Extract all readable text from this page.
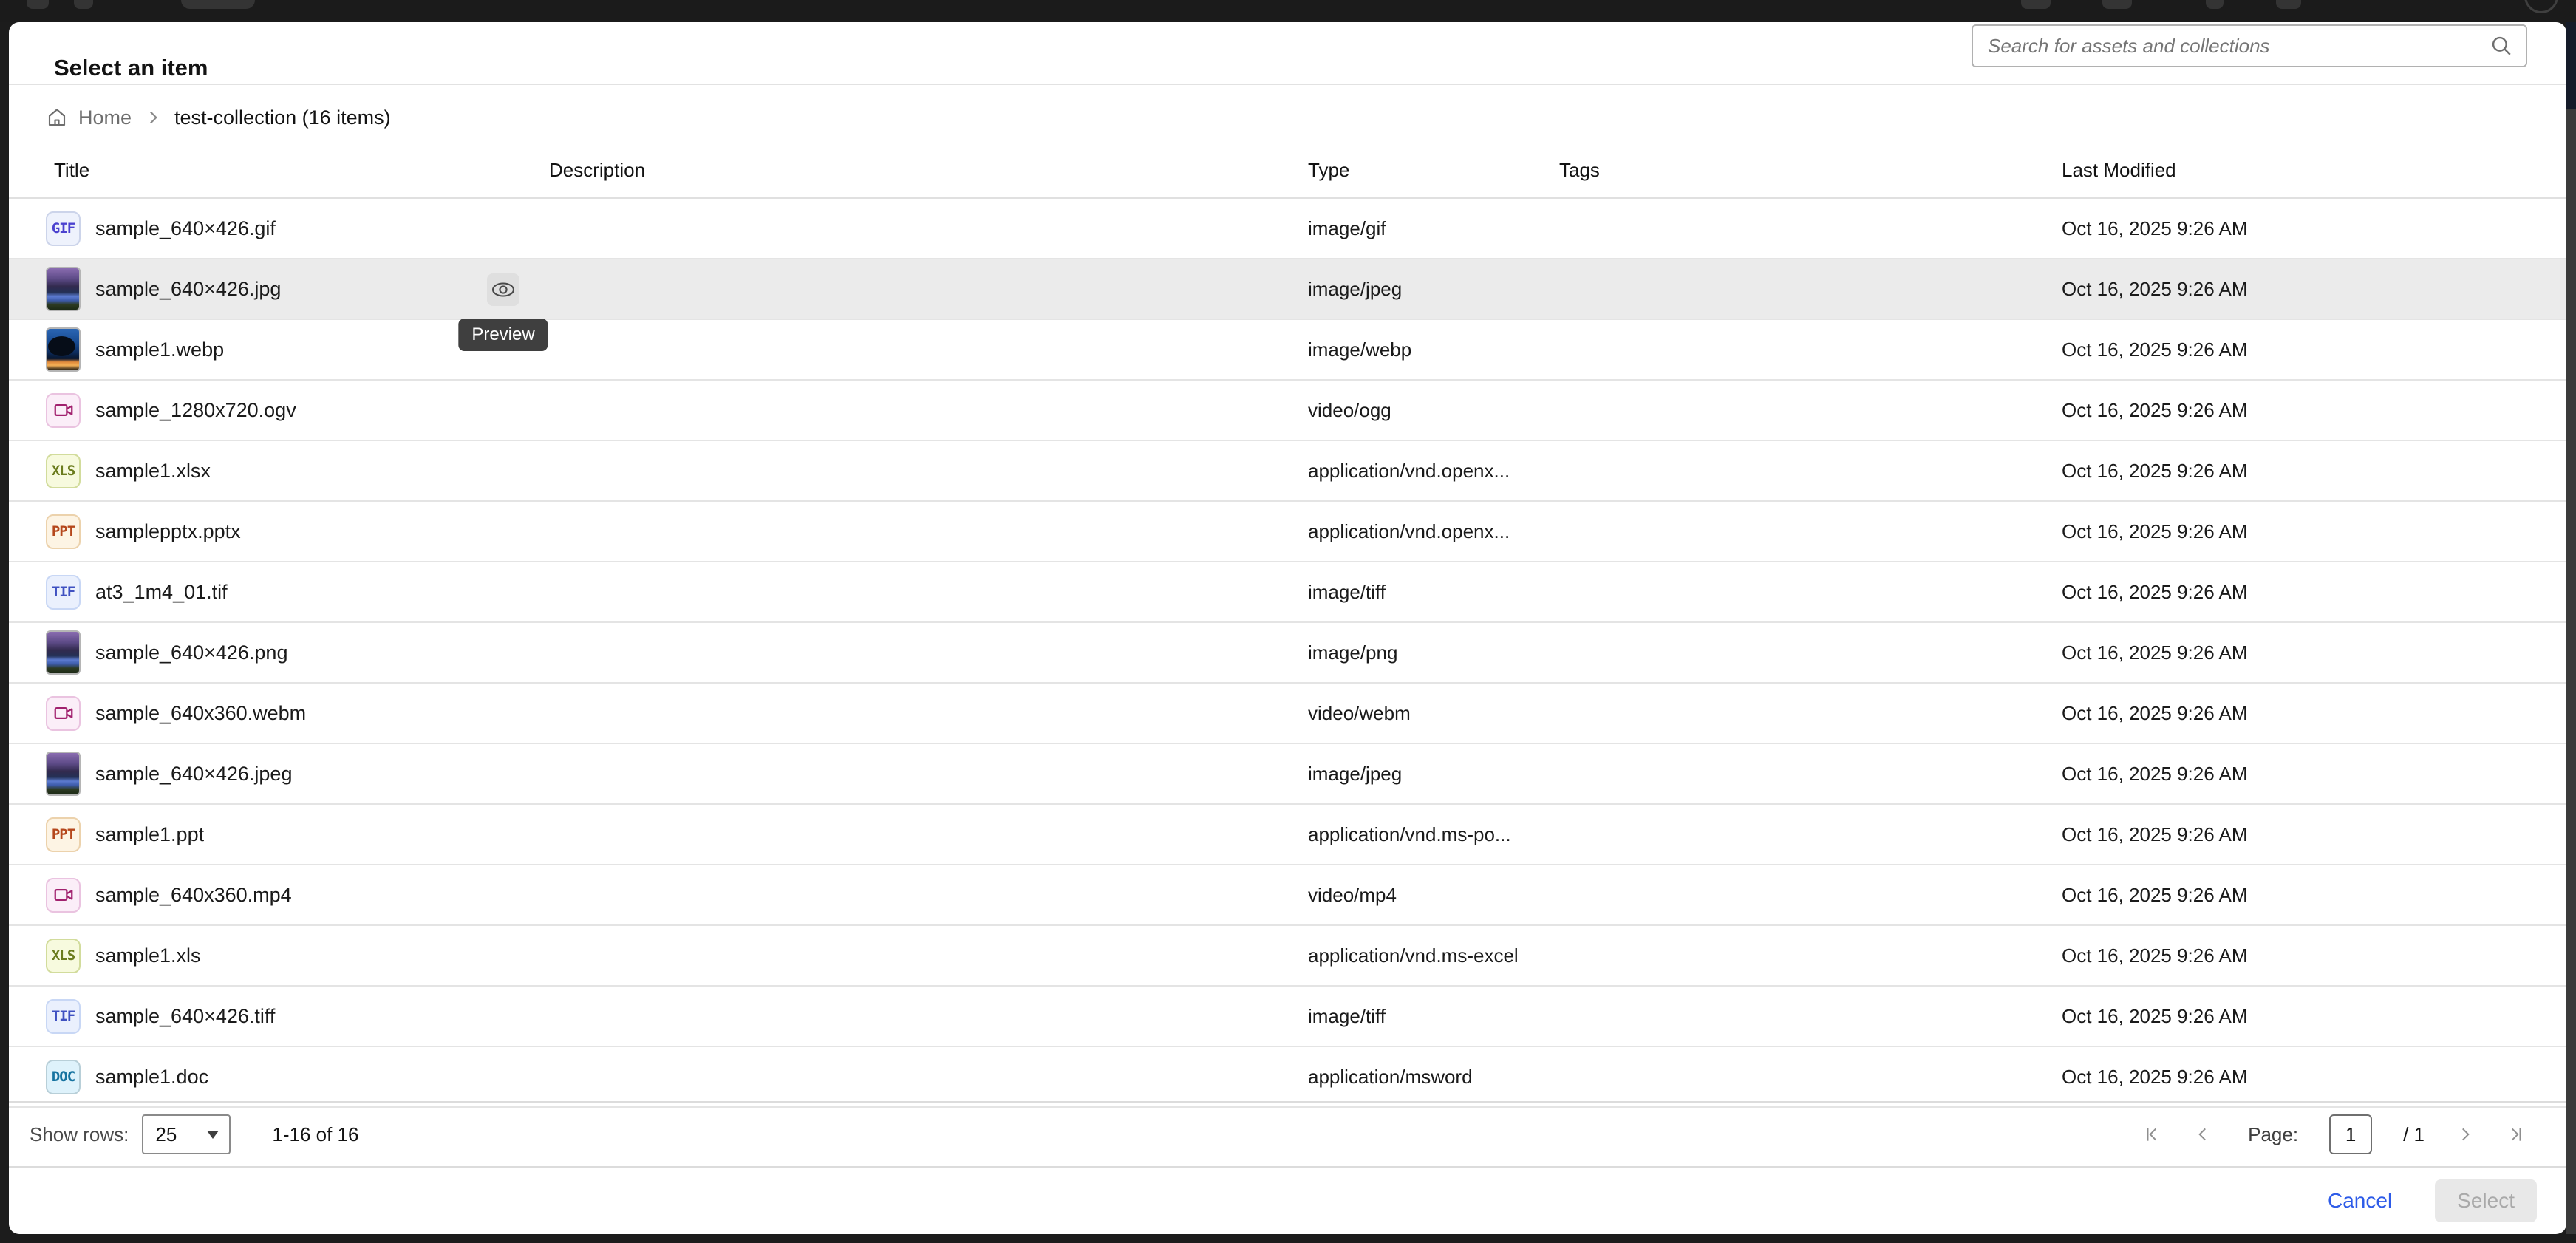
Select an item
Search for assets and collections
Home test-collection (16 items)
Title	Description	Type	Tags	Last Modified
GIF sample_640×426.gif	image/gif	Oct 16, 2025 9:26 AM
sample_640×426.jpg	image/jpeg	Oct 16, 2025 9:26 AM
Preview
sample1.webp	image/webp	Oct 16, 2025 9:26 AM
sample_1280x720.ogv	video/ogg	Oct 16, 2025 9:26 AM
XLS sample1.xlsx	application/vnd.openx...	Oct 16, 2025 9:26 AM
PPT samplepptx.pptx	application/vnd.openx...	Oct 16, 2025 9:26 AM
TIF at3_1m4_01.tif	image/tiff	Oct 16, 2025 9:26 AM
sample_640×426.png	image/png	Oct 16, 2025 9:26 AM
sample_640x360.webm	video/webm	Oct 16, 2025 9:26 AM
sample_640×426.jpeg	image/jpeg	Oct 16, 2025 9:26 AM
PPT sample1.ppt	application/vnd.ms-po...	Oct 16, 2025 9:26 AM
sample_640x360.mp4	video/mp4	Oct 16, 2025 9:26 AM
XLS sample1.xls	application/vnd.ms-excel	Oct 16, 2025 9:26 AM
TIF sample_640×426.tiff	image/tiff	Oct 16, 2025 9:26 AM
DOC sample1.doc	application/msword	Oct 16, 2025 9:26 AM
Show rows: 25	1-16 of 16	Page:
1	/ 1
Cancel	Select
